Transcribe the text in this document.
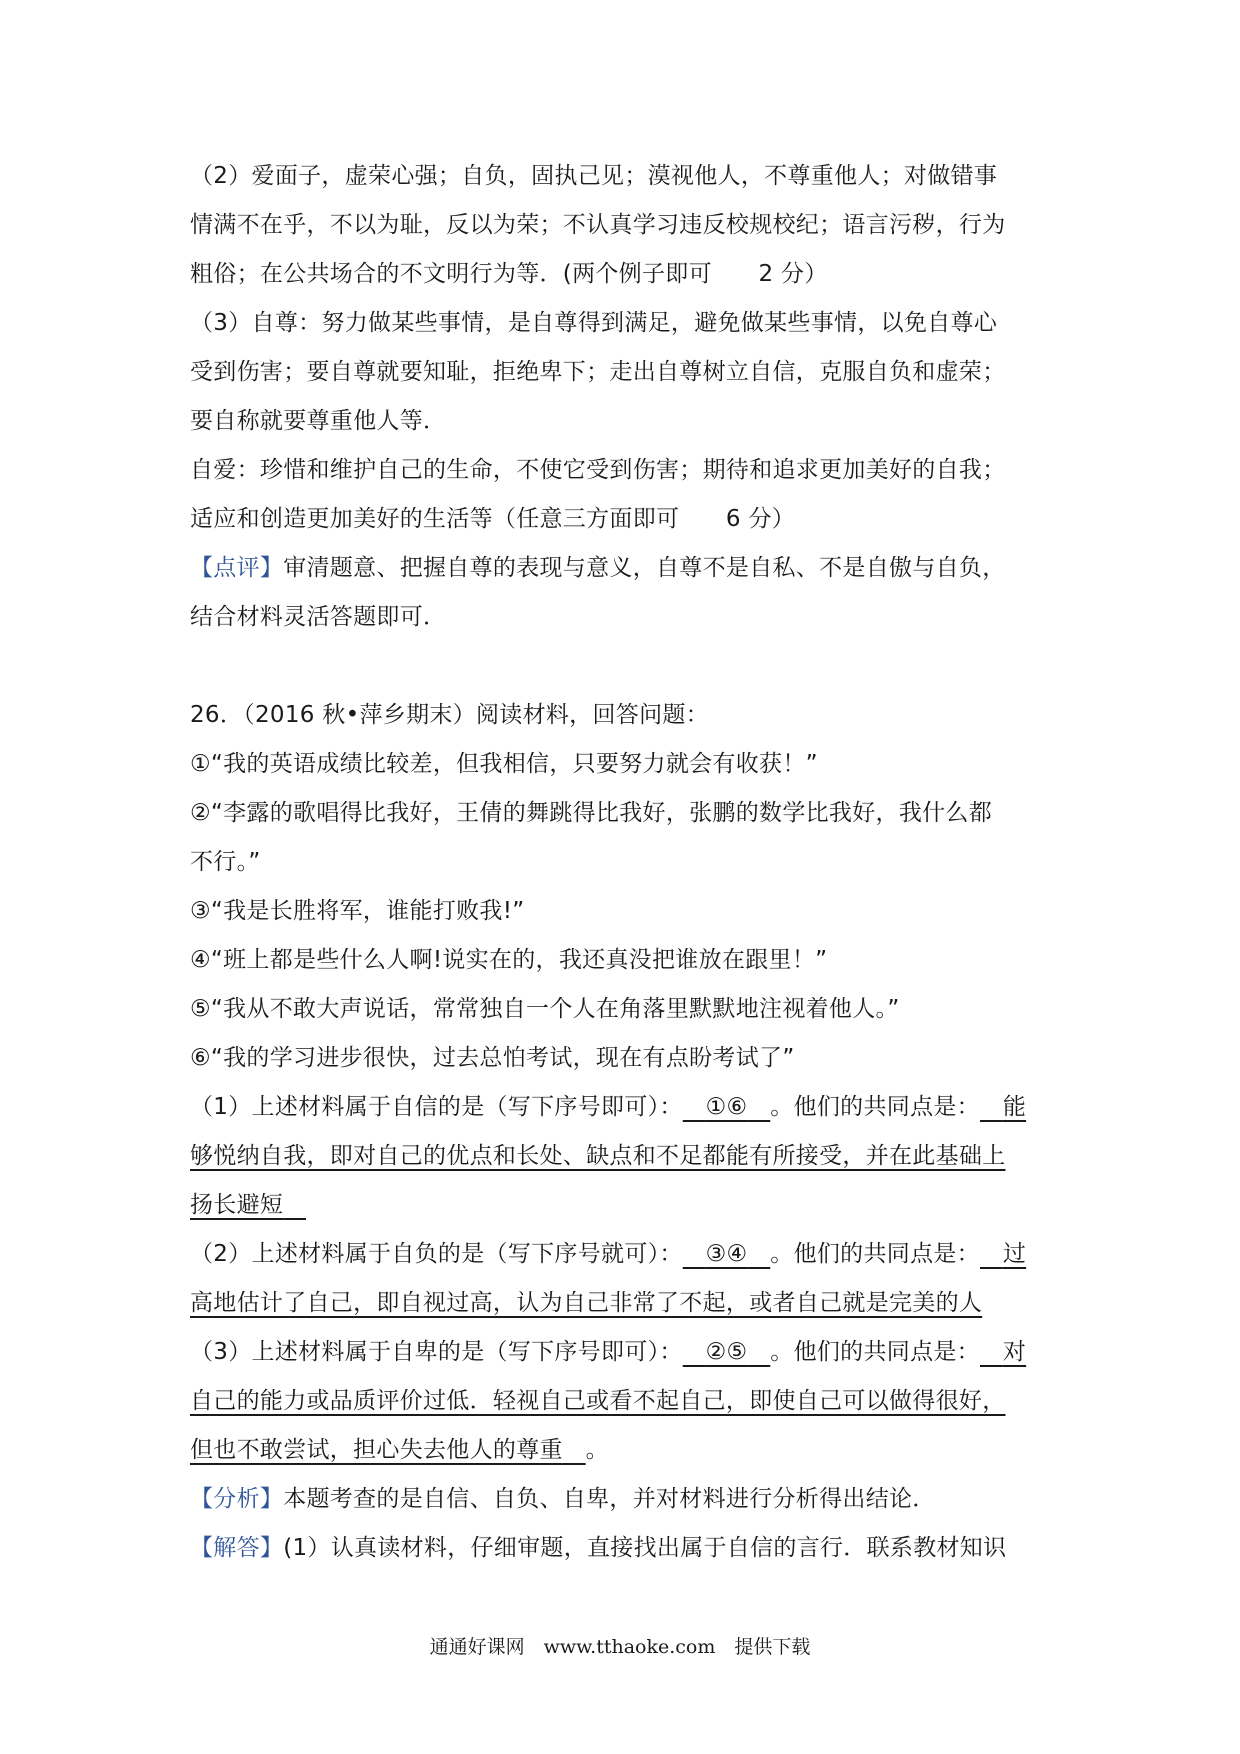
（2）爱面子，虚荣心强；自负，固执己见；漠视他人，不尊重他人；对做错事
情满不在乎，不以为耻，反以为荣；不认真学习违反校规校纪；语言污秽，行为
粗俗；在公共场合的不文明行为等．(两个例子即可　　2 分）
（3）自尊：努力做某些事情，是自尊得到满足，避免做某些事情，以免自尊心
受到伤害；要自尊就要知耻，拒绝卑下；走出自尊树立自信，克服自负和虚荣；
要自称就要尊重他人等．
自爱：珍惜和维护自己的生命，不使它受到伤害；期待和追求更加美好的自我；
适应和创造更加美好的生活等（任意三方面即可　　6 分）
【点评】审清题意、把握自尊的表现与意义，自尊不是自私、不是自傲与自负，
结合材料灵活答题即可．
26．（2016 秋•萍乡期末）阅读材料，回答问题：
①“我的英语成绩比较差，但我相信，只要努力就会有收获！”
②“李露的歌唱得比我好，王倩的舞跳得比我好，张鹏的数学比我好，我什么都
不行。”
③“我是长胜将军，谁能打败我!”
④“班上都是些什么人啊!说实在的，我还真没把谁放在跟里！”
⑤“我从不敢大声说话，常常独自一个人在角落里默默地注视着他人。”
⑥“我的学习进步很快，过去总怕考试，现在有点盼考试了”
（1）上述材料属于自信的是（写下序号即可）： ①⑥ 。他们的共同点是： 能
够悦纳自我，即对自己的优点和长处、缺点和不足都能有所接受，并在此基础上
扬长避短
（2）上述材料属于自负的是（写下序号就可）： ③④ 。他们的共同点是： 过
高地估计了自己，即自视过高，认为自己非常了不起，或者自己就是完美的人
（3）上述材料属于自卑的是（写下序号即可）： ②⑤ 。他们的共同点是： 对
自己的能力或品质评价过低．轻视自己或看不起自己，即使自己可以做得很好，
但也不敢尝试，担心失去他人的尊重 。
【分析】本题考查的是自信、自负、自卑，并对材料进行分析得出结论．
【解答】(1）认真读材料，仔细审题，直接找出属于自信的言行．联系教材知识
通通好课网　www.tthaoke.com　提供下载
